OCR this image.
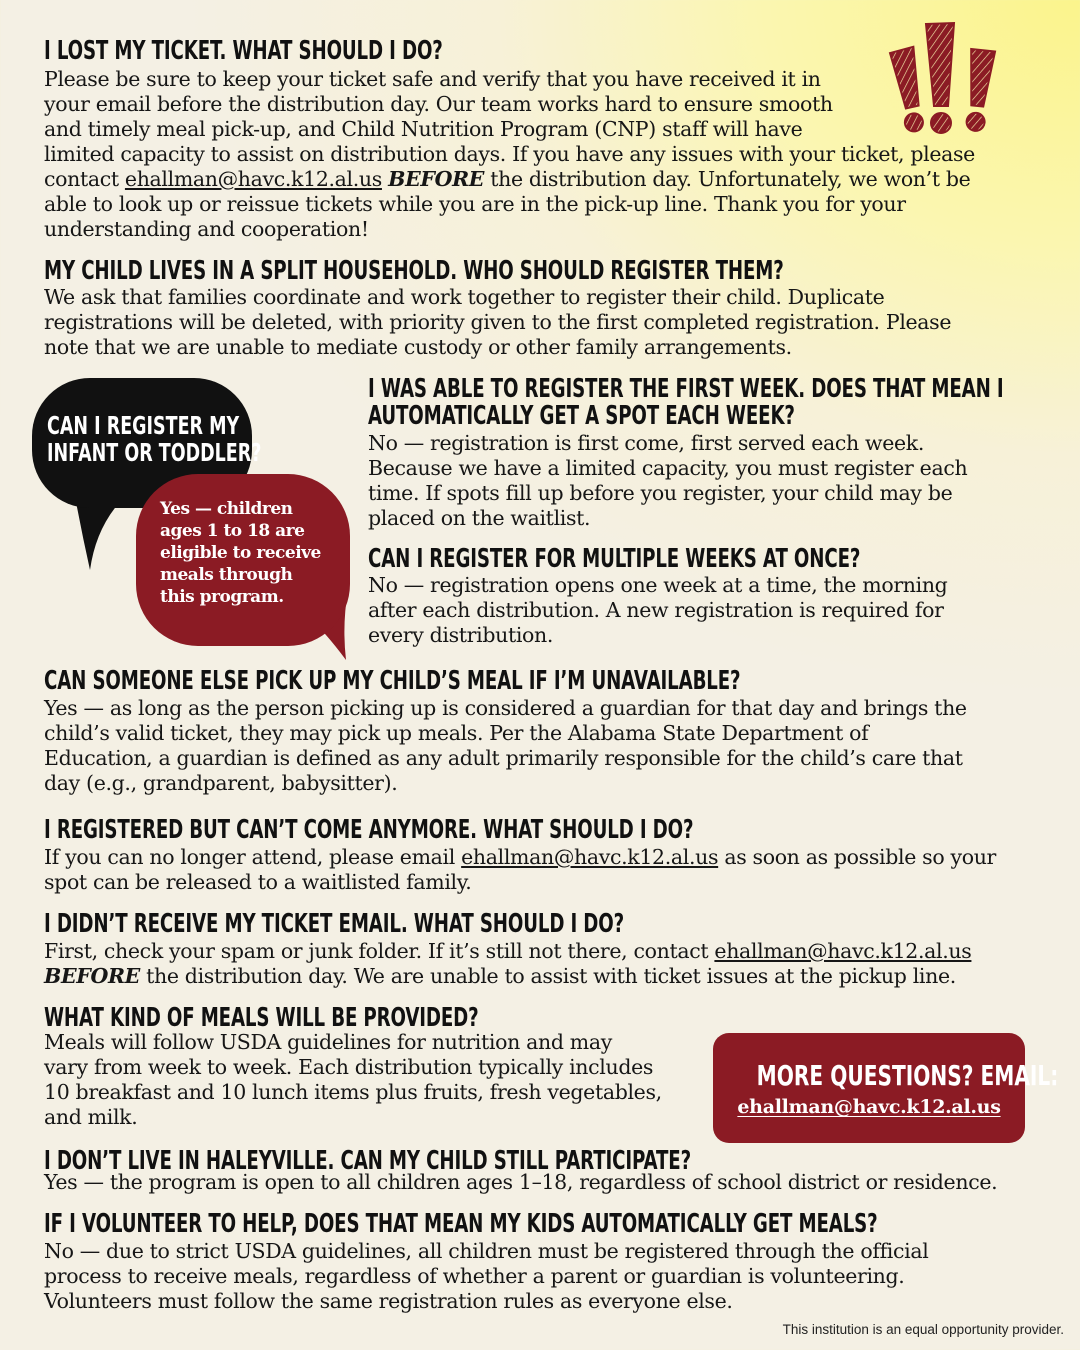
I LOST MY TICKET. WHAT SHOULD I DO?
Please be sure to keep your ticket safe and verify that you have received it in
your email before the distribution day. Our team works hard to ensure smooth
and timely meal pick-up, and Child Nutrition Program (CNP) staff will have
limited capacity to assist on distribution days. If you have any issues with your ticket, please
contact ehallman@havc.k12.al.us BEFORE the distribution day. Unfortunately, we won’t be
able to look up or reissue tickets while you are in the pick-up line. Thank you for your
understanding and cooperation!
MY CHILD LIVES IN A SPLIT HOUSEHOLD. WHO SHOULD REGISTER THEM?
We ask that families coordinate and work together to register their child. Duplicate
registrations will be deleted, with priority given to the first completed registration. Please
note that we are unable to mediate custody or other family arrangements.
CAN I REGISTER MY
INFANT OR TODDLER?
Yes — children
ages 1 to 18 are
eligible to receive
meals through
this program.
I WAS ABLE TO REGISTER THE FIRST WEEK. DOES THAT MEAN I
AUTOMATICALLY GET A SPOT EACH WEEK?
No — registration is first come, first served each week.
Because we have a limited capacity, you must register each
time. If spots fill up before you register, your child may be
placed on the waitlist.
CAN I REGISTER FOR MULTIPLE WEEKS AT ONCE?
No — registration opens one week at a time, the morning
after each distribution. A new registration is required for
every distribution.
CAN SOMEONE ELSE PICK UP MY CHILD’S MEAL IF I’M UNAVAILABLE?
Yes — as long as the person picking up is considered a guardian for that day and brings the
child’s valid ticket, they may pick up meals. Per the Alabama State Department of
Education, a guardian is defined as any adult primarily responsible for the child’s care that
day (e.g., grandparent, babysitter).
I REGISTERED BUT CAN’T COME ANYMORE. WHAT SHOULD I DO?
If you can no longer attend, please email ehallman@havc.k12.al.us as soon as possible so your
spot can be released to a waitlisted family.
I DIDN’T RECEIVE MY TICKET EMAIL. WHAT SHOULD I DO?
First, check your spam or junk folder. If it’s still not there, contact ehallman@havc.k12.al.us
BEFORE the distribution day. We are unable to assist with ticket issues at the pickup line.
WHAT KIND OF MEALS WILL BE PROVIDED?
Meals will follow USDA guidelines for nutrition and may
vary from week to week. Each distribution typically includes
10 breakfast and 10 lunch items plus fruits, fresh vegetables,
and milk.
MORE QUESTIONS? EMAIL:
ehallman@havc.k12.al.us
I DON’T LIVE IN HALEYVILLE. CAN MY CHILD STILL PARTICIPATE?
Yes — the program is open to all children ages 1–18, regardless of school district or residence.
IF I VOLUNTEER TO HELP, DOES THAT MEAN MY KIDS AUTOMATICALLY GET MEALS?
No — due to strict USDA guidelines, all children must be registered through the official
process to receive meals, regardless of whether a parent or guardian is volunteering.
Volunteers must follow the same registration rules as everyone else.
This institution is an equal opportunity provider.
